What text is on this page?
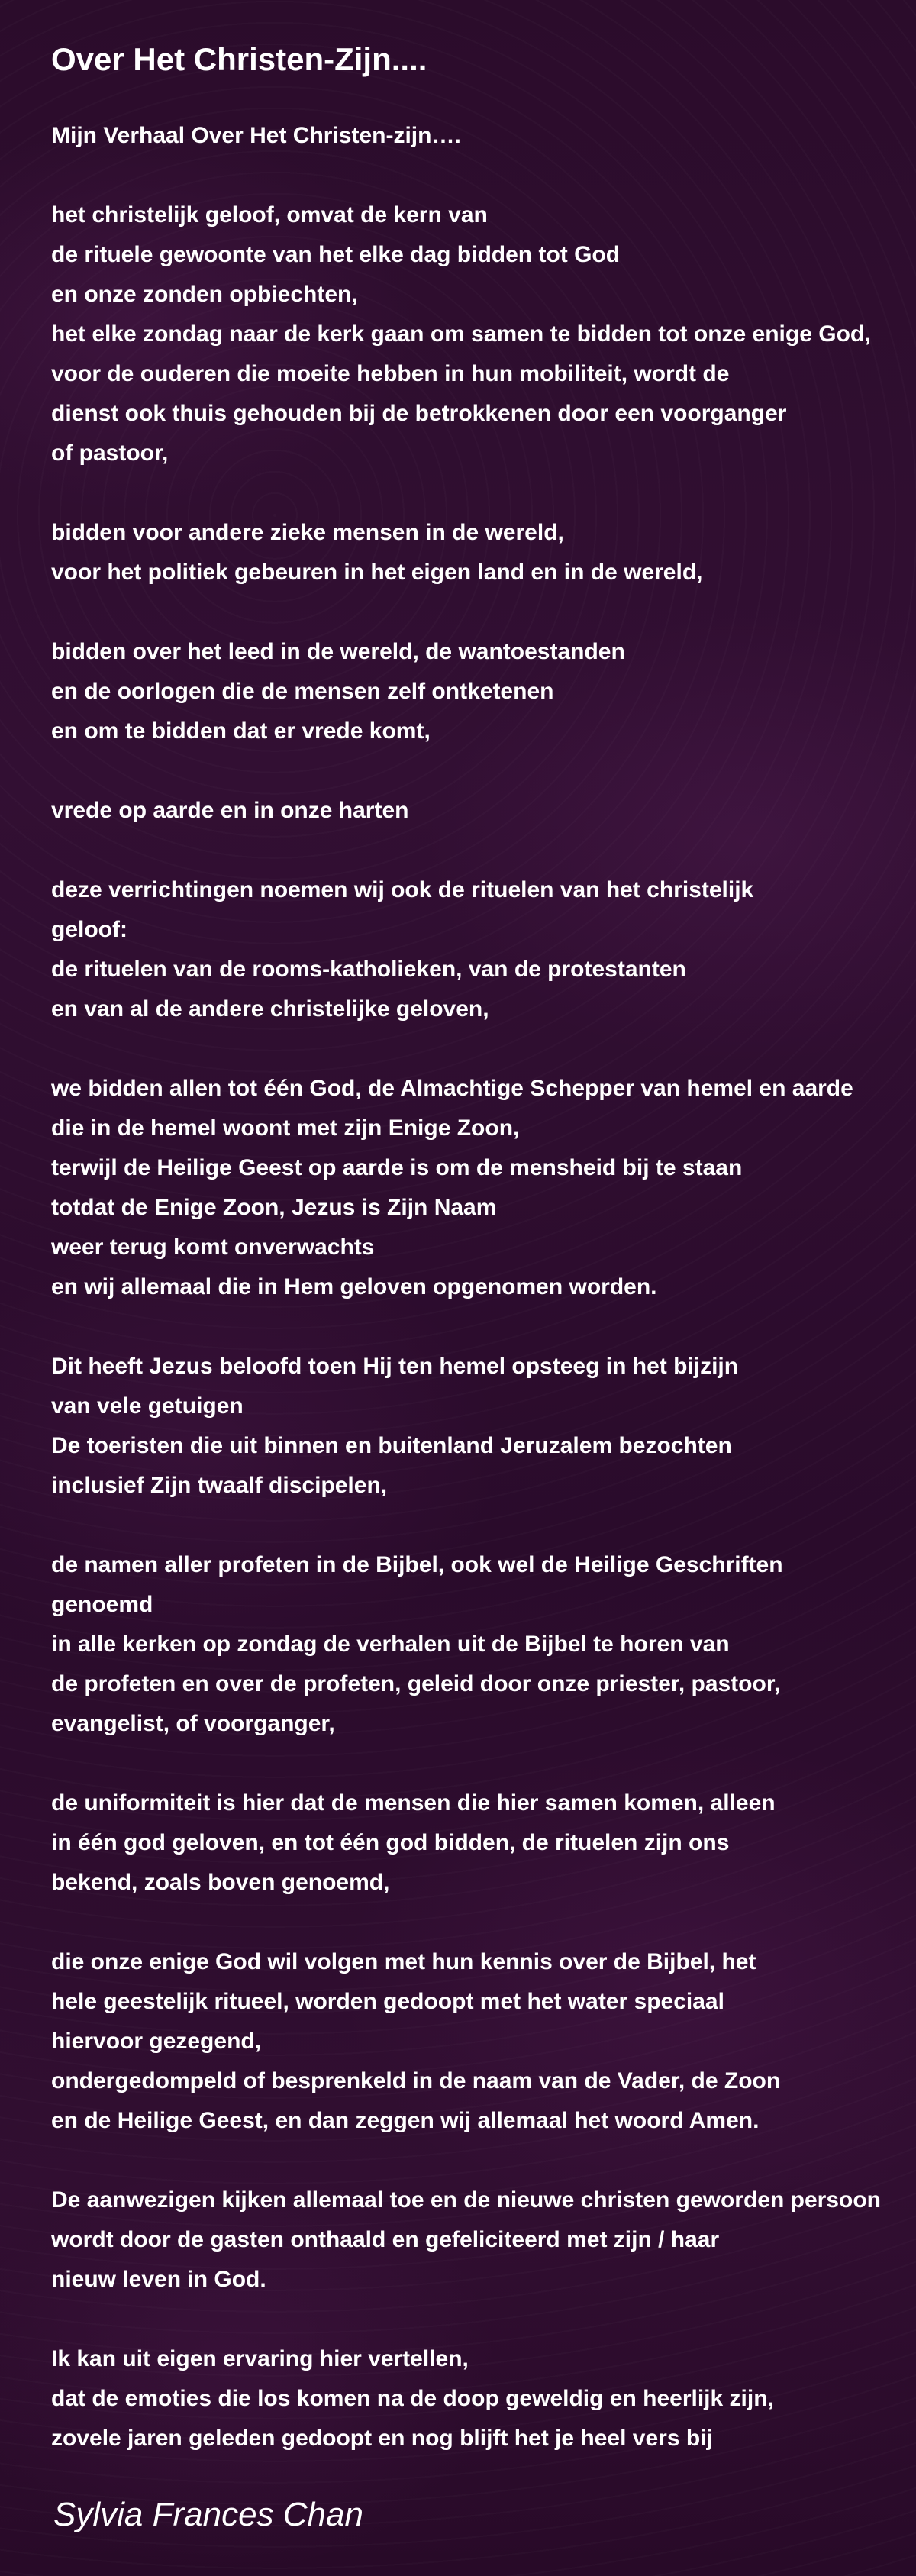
Over Het Christen-Zijn....
Mijn Verhaal Over Het Christen-zijn….
het christelijk geloof, omvat de kern van
de rituele gewoonte van het elke dag bidden tot God
en onze zonden opbiechten,
het elke zondag naar de kerk gaan om samen te bidden tot onze enige God,
voor de ouderen die moeite hebben in hun mobiliteit, wordt de
dienst ook thuis gehouden bij de betrokkenen door een voorganger
of pastoor,
bidden voor andere zieke mensen in de wereld,
voor het politiek gebeuren in het eigen land en in de wereld,
bidden over het leed in de wereld, de wantoestanden
en de oorlogen die de mensen zelf ontketenen
en om te bidden dat er vrede komt,
vrede op aarde en in onze harten
deze verrichtingen noemen wij ook de rituelen van het christelijk
geloof:
de rituelen van de rooms-katholieken, van de protestanten
en van al de andere christelijke geloven,
we bidden allen tot één God, de Almachtige Schepper van hemel en aarde
die in de hemel woont met zijn Enige Zoon,
terwijl de Heilige Geest op aarde is om de mensheid bij te staan
totdat de Enige Zoon, Jezus is Zijn Naam
weer terug komt onverwachts
en wij allemaal die in Hem geloven opgenomen worden.
Dit heeft Jezus beloofd toen Hij ten hemel opsteeg in het bijzijn
van vele getuigen
De toeristen die uit binnen en buitenland Jeruzalem bezochten
inclusief Zijn twaalf discipelen,
de namen aller profeten in de Bijbel, ook wel de Heilige Geschriften
genoemd
in alle kerken op zondag de verhalen uit de Bijbel te horen van
de profeten en over de profeten, geleid door onze priester, pastoor,
evangelist, of voorganger,
de uniformiteit is hier dat de mensen die hier samen komen, alleen
in één god geloven, en tot één god bidden, de rituelen zijn ons
bekend, zoals boven genoemd,
die onze enige God wil volgen met hun kennis over de Bijbel, het
hele geestelijk ritueel, worden gedoopt met het water speciaal
hiervoor gezegend,
ondergedompeld of besprenkeld in de naam van de Vader, de Zoon
en de Heilige Geest, en dan zeggen wij allemaal het woord Amen.
De aanwezigen kijken allemaal toe en de nieuwe christen geworden persoon
wordt door de gasten onthaald en gefeliciteerd met zijn / haar
nieuw leven in God.
Ik kan uit eigen ervaring hier vertellen,
dat de emoties die los komen na de doop geweldig en heerlijk zijn,
zovele jaren geleden gedoopt en nog blijft het je heel vers bij
Sylvia Frances Chan
